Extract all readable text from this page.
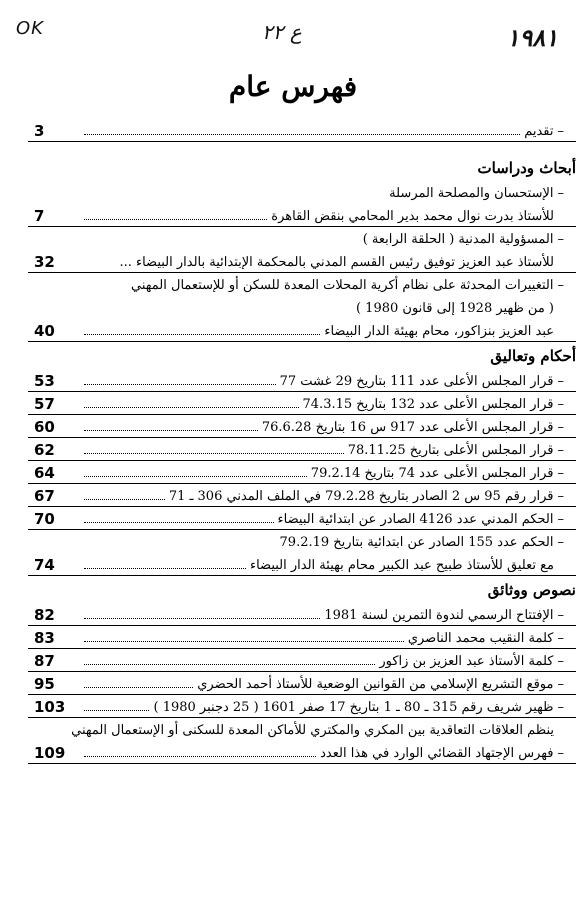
OK	ع ٢٢	١٩٨١
فهرس عام
–
تقديم
3
أبحاث ودراسات
–
الإستحسان والمصلحة المرسلة
للأستاذ بدرت نوال محمد بدير المحامي بنقض القاهرة
7
–
المسؤولية المدنية ( الحلقة الرابعة )
للأستاذ عبد العزيز توفيق رئيس القسم المدني بالمحكمة الإبتدائية بالدار البيضاء ...
32
–
التغييرات المحدثة على نظام أكرية المحلات المعدة للسكن أو للإستعمال المهني
( من ظهير 1928 إلى قانون 1980 )
عبد العزيز بنزاكور، محام بهيئة الدار البيضاء
40
أحكام وتعاليق
–
قرار المجلس الأعلى عدد 111 بتاريخ 29 غشت 77
53
–
قرار المجلس الأعلى عدد 132 بتاريخ 74.3.15
57
–
قرار المجلس الأعلى عدد 917 س 16 بتاريخ 76.6.28
60
–
قرار المجلس الأعلى بتاريخ 78.11.25
62
–
قرار المجلس الأعلى عدد 74 بتاريخ 79.2.14
64
–
قرار رقم 95 س 2 الصادر بتاريخ 79.2.28 في الملف المدني 306 ـ 71
67
–
الحكم المدني عدد 4126 الصادر عن ابتدائية البيضاء
70
–
الحكم عدد 155 الصادر عن ابتدائية بتاريخ 79.2.19
مع تعليق للأستاذ طبيح عبد الكبير محام بهيئة الدار البيضاء
74
نصوص ووثائق
–
الإفتتاح الرسمي لندوة التمرين لسنة 1981
82
–
كلمة النقيب محمد الناصري
83
–
كلمة الأستاذ عبد العزيز بن زاكور
87
–
موقع التشريع الإسلامي من القوانين الوضعية للأستاذ أحمد الحضري
95
–
ظهير شريف رقم 315 ـ 80 ـ 1 بتاريخ 17 صفر 1601 ( 25 دجنبر 1980 )
103
ينظم العلاقات التعاقدية بين المكري والمكتري للأماكن المعدة للسكنى أو الإستعمال المهني
–
فهرس الإجتهاد القضائي الوارد في هذا العدد
109
